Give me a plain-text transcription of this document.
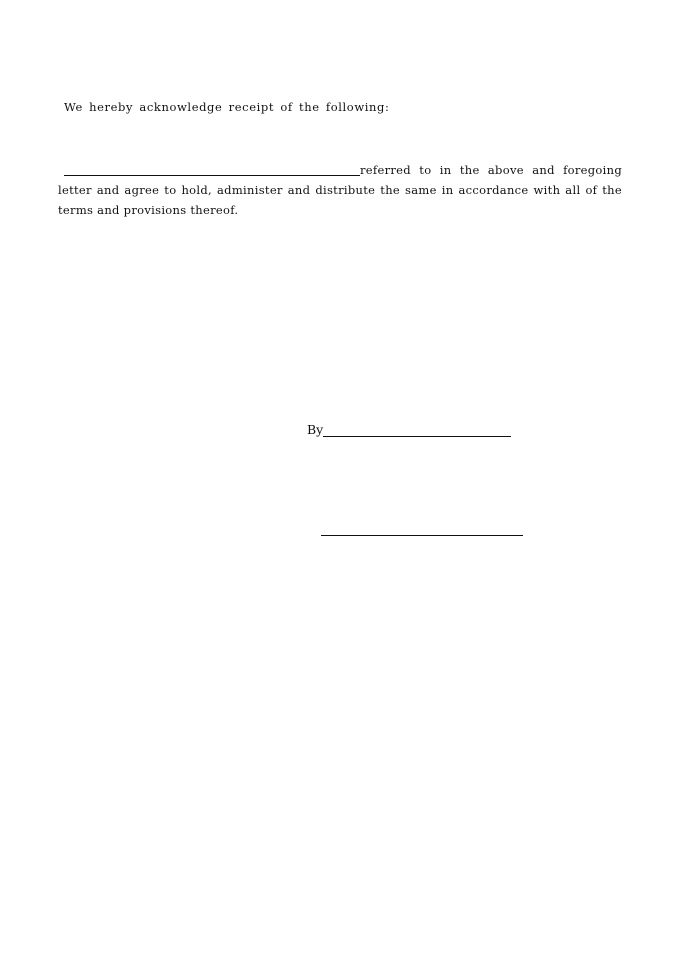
We hereby acknowledge receipt of the following:
referred to in the above and foregoing letter and agree to hold, administer and distribute the same in accordance with all of the terms and provisions thereof.
By
